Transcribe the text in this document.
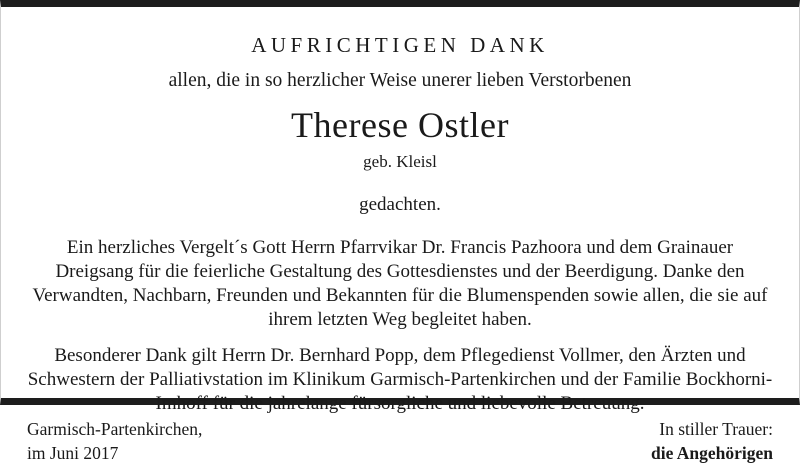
AUFRICHTIGEN DANK
allen, die in so herzlicher Weise unerer lieben Verstorbenen
Therese Ostler
geb. Kleisl
gedachten.

Ein herzliches Vergelt´s Gott Herrn Pfarrvikar Dr. Francis Pazhoora und dem Grainauer Dreigsang für die feierliche Gestaltung des Gottesdienstes und der Beerdigung. Danke den Verwandten, Nachbarn, Freunden und Bekannten für die Blumenspenden sowie allen, die sie auf ihrem letzten Weg begleitet haben.

Besonderer Dank gilt Herrn Dr. Bernhard Popp, dem Pflegedienst Vollmer, den Ärzten und Schwestern der Palliativstation im Klinikum Garmisch-Partenkirchen und der Familie Bockhorni-Imhoff für die jahrelange fürsorgliche und liebevolle Betreuung.

Garmisch-Partenkirchen,
im Juni 2017
In stiller Trauer:
die Angehörigen
